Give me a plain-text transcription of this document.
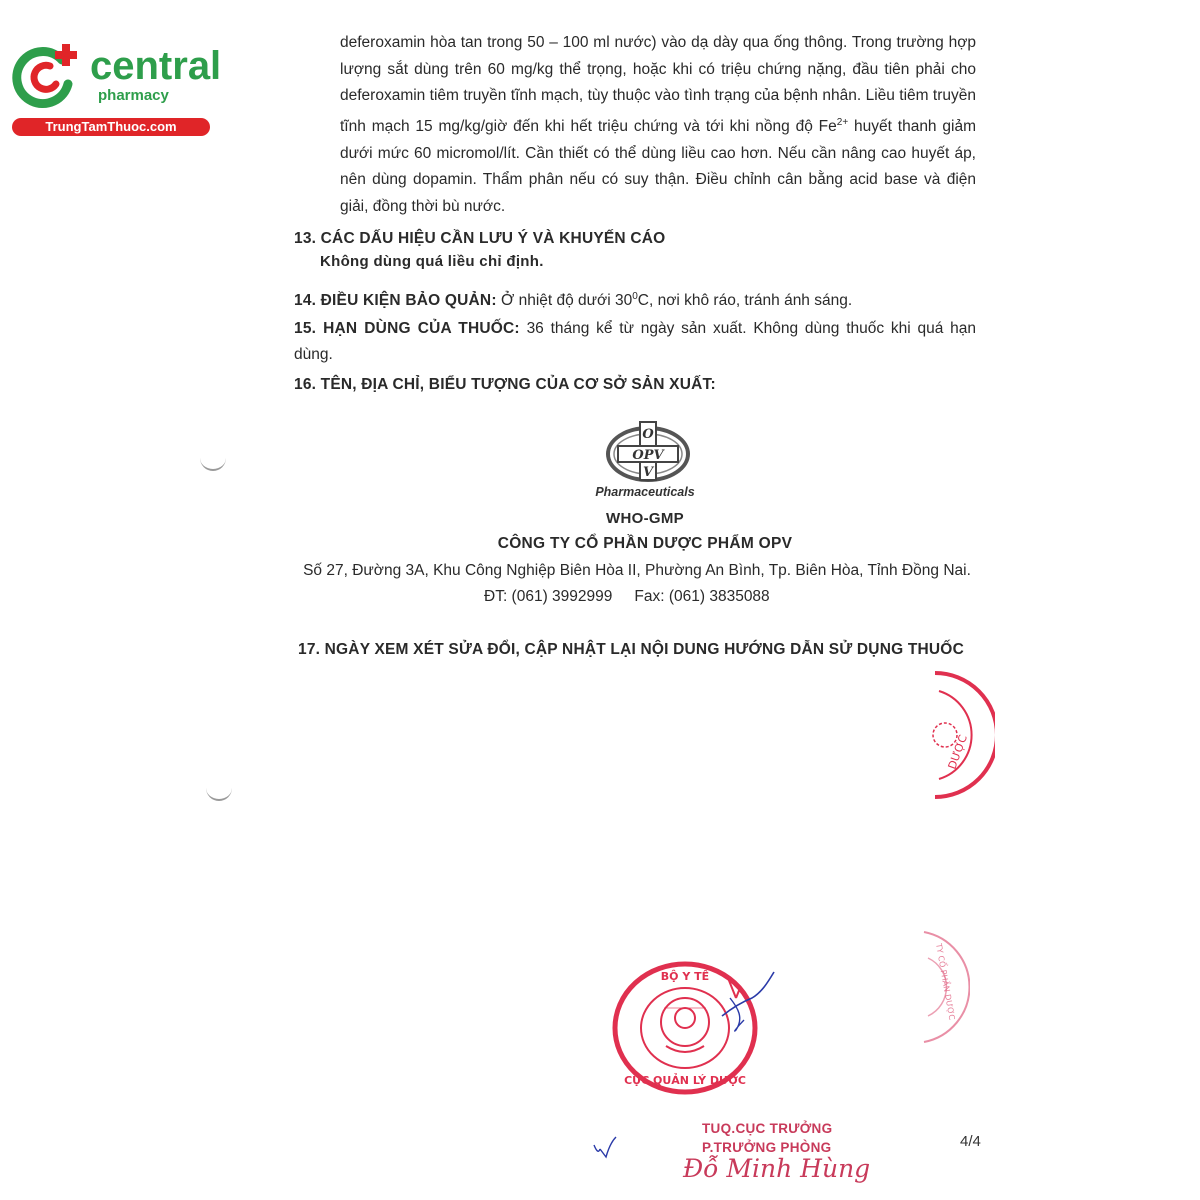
central
pharmacy
TrungTamThuoc.com

deferoxamin hòa tan trong 50 – 100 ml nước) vào dạ dày qua ống thông. Trong trường hợp lượng sắt dùng trên 60 mg/kg thể trọng, hoặc khi có triệu chứng nặng, đầu tiên phải cho deferoxamin tiêm truyền tĩnh mạch, tùy thuộc vào tình trạng của bệnh nhân. Liều tiêm truyền tĩnh mạch 15 mg/kg/giờ đến khi hết triệu chứng và tới khi nồng độ $Fe^{2+}$ huyết thanh giảm dưới mức 60 micromol/lít. Cần thiết có thể dùng liều cao hơn. Nếu cần nâng cao huyết áp, nên dùng dopamin. Thẩm phân nếu có suy thận. Điều chỉnh cân bằng acid base và điện giải, đồng thời bù nước.

13. CÁC DẤU HIỆU CẦN LƯU Ý VÀ KHUYẾN CÁO

Không dùng quá liều chỉ định.

14. ĐIỀU KIỆN BẢO QUẢN: Ở nhiệt độ dưới $30^0C$, nơi khô ráo, tránh ánh sáng.

15. HẠN DÙNG CỦA THUỐC: 36 tháng kể từ ngày sản xuất. Không dùng thuốc khi quá hạn dùng.

16. TÊN, ĐỊA CHỈ, BIỂU TƯỢNG CỦA CƠ SỞ SẢN XUẤT:

O
OPV
V
Pharmaceuticals
WHO-GMP
CÔNG TY CỔ PHẦN DƯỢC PHẨM OPV
Số 27, Đường 3A, Khu Công Nghiệp Biên Hòa II, Phường An Bình, Tp. Biên Hòa, Tỉnh Đồng Nai.
ĐT: (061) 3992999 Fax: (061) 3835088

17. NGÀY XEM XÉT SỬA ĐỔI, CẬP NHẬT LẠI NỘI DUNG HƯỚNG DẪN SỬ DỤNG THUỐC

DƯỢC
TY CỔ PHẦN DƯỢC
BỘ Y TẾ
CỤC QUẢN LÝ DƯỢC
TUQ.CỤC TRƯỞNG
P.TRƯỞNG PHÒNG
Đỗ Minh Hùng
4/4
